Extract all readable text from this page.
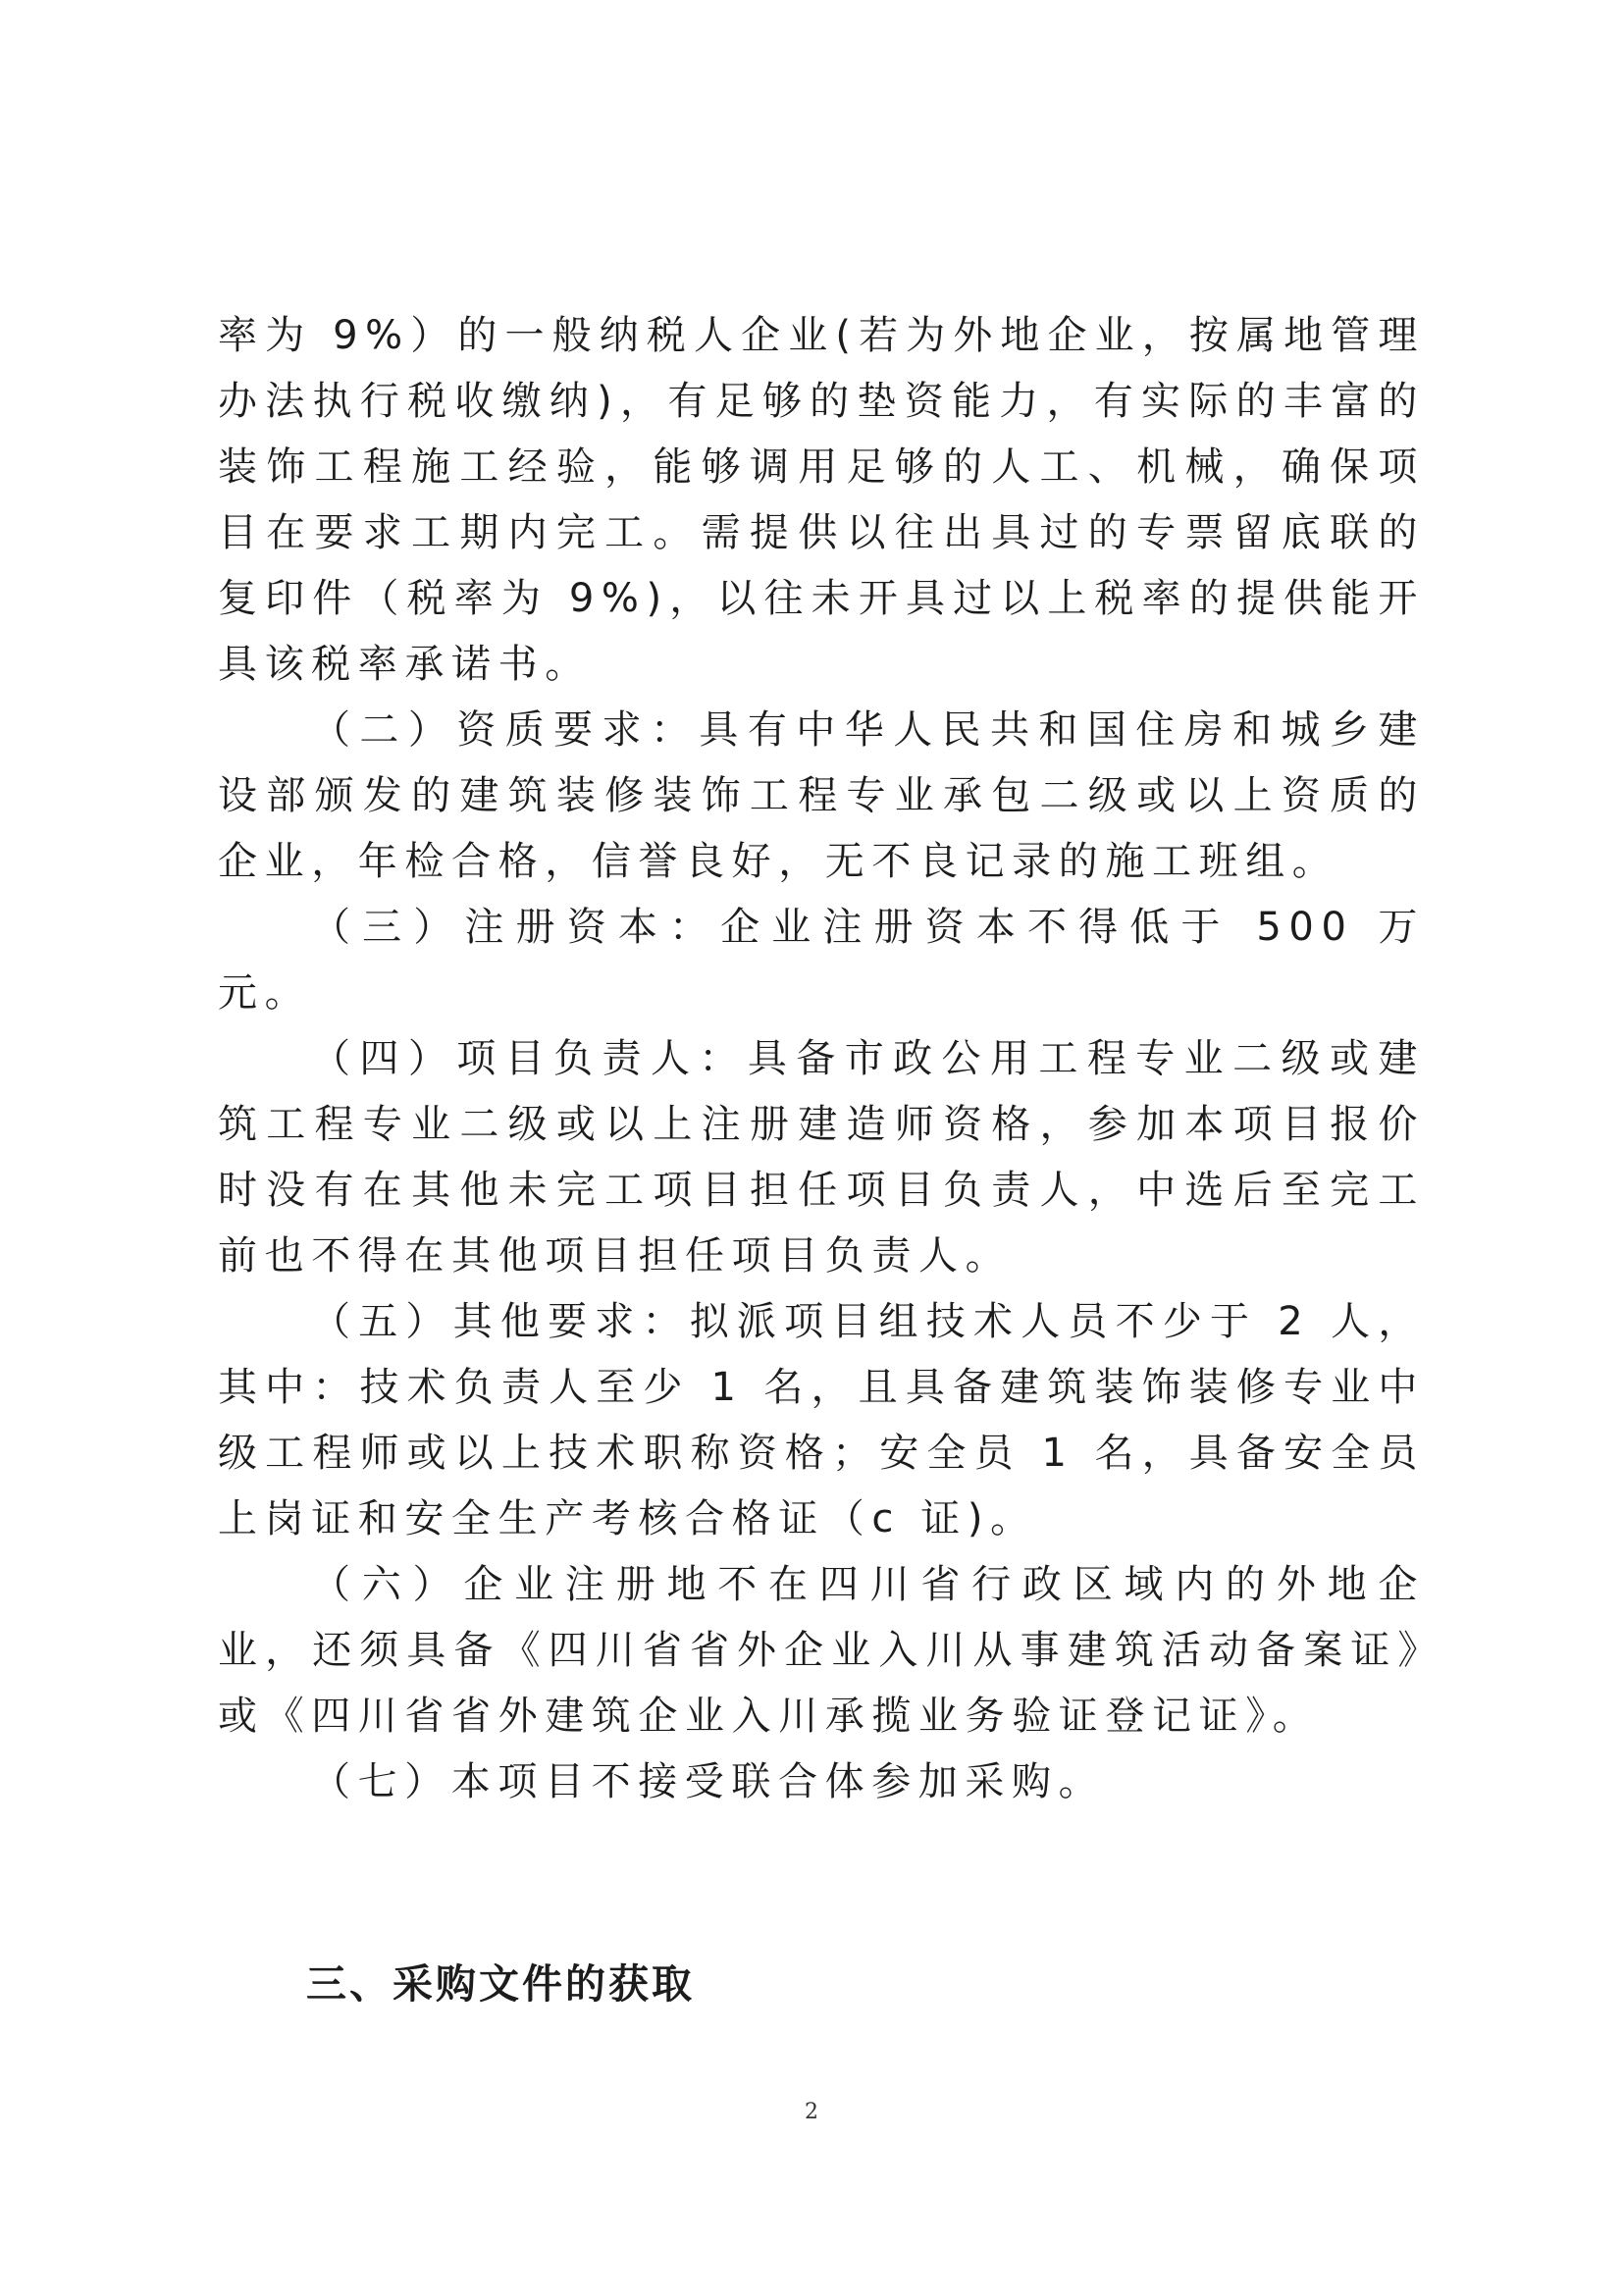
率为 9%）的一般纳税人企业(若为外地企业，按属地管理办法执行税收缴纳)，有足够的垫资能力，有实际的丰富的装饰工程施工经验，能够调用足够的人工、机械，确保项目在要求工期内完工。需提供以往出具过的专票留底联的复印件（税率为 9%)，以往未开具过以上税率的提供能开具该税率承诺书。

（二）资质要求：具有中华人民共和国住房和城乡建设部颁发的建筑装修装饰工程专业承包二级或以上资质的企业，年检合格，信誉良好，无不良记录的施工班组。

（三）注册资本：企业注册资本不得低于 500 万元。

（四）项目负责人：具备市政公用工程专业二级或建筑工程专业二级或以上注册建造师资格，参加本项目报价时没有在其他未完工项目担任项目负责人，中选后至完工前也不得在其他项目担任项目负责人。

（五）其他要求：拟派项目组技术人员不少于 2 人，其中：技术负责人至少 1 名，且具备建筑装饰装修专业中级工程师或以上技术职称资格；安全员 1 名，具备安全员上岗证和安全生产考核合格证（c 证)。

（六）企业注册地不在四川省行政区域内的外地企业，还须具备《四川省省外企业入川从事建筑活动备案证》或《四川省省外建筑企业入川承揽业务验证登记证》。

（七）本项目不接受联合体参加采购。

三、采购文件的获取
2
